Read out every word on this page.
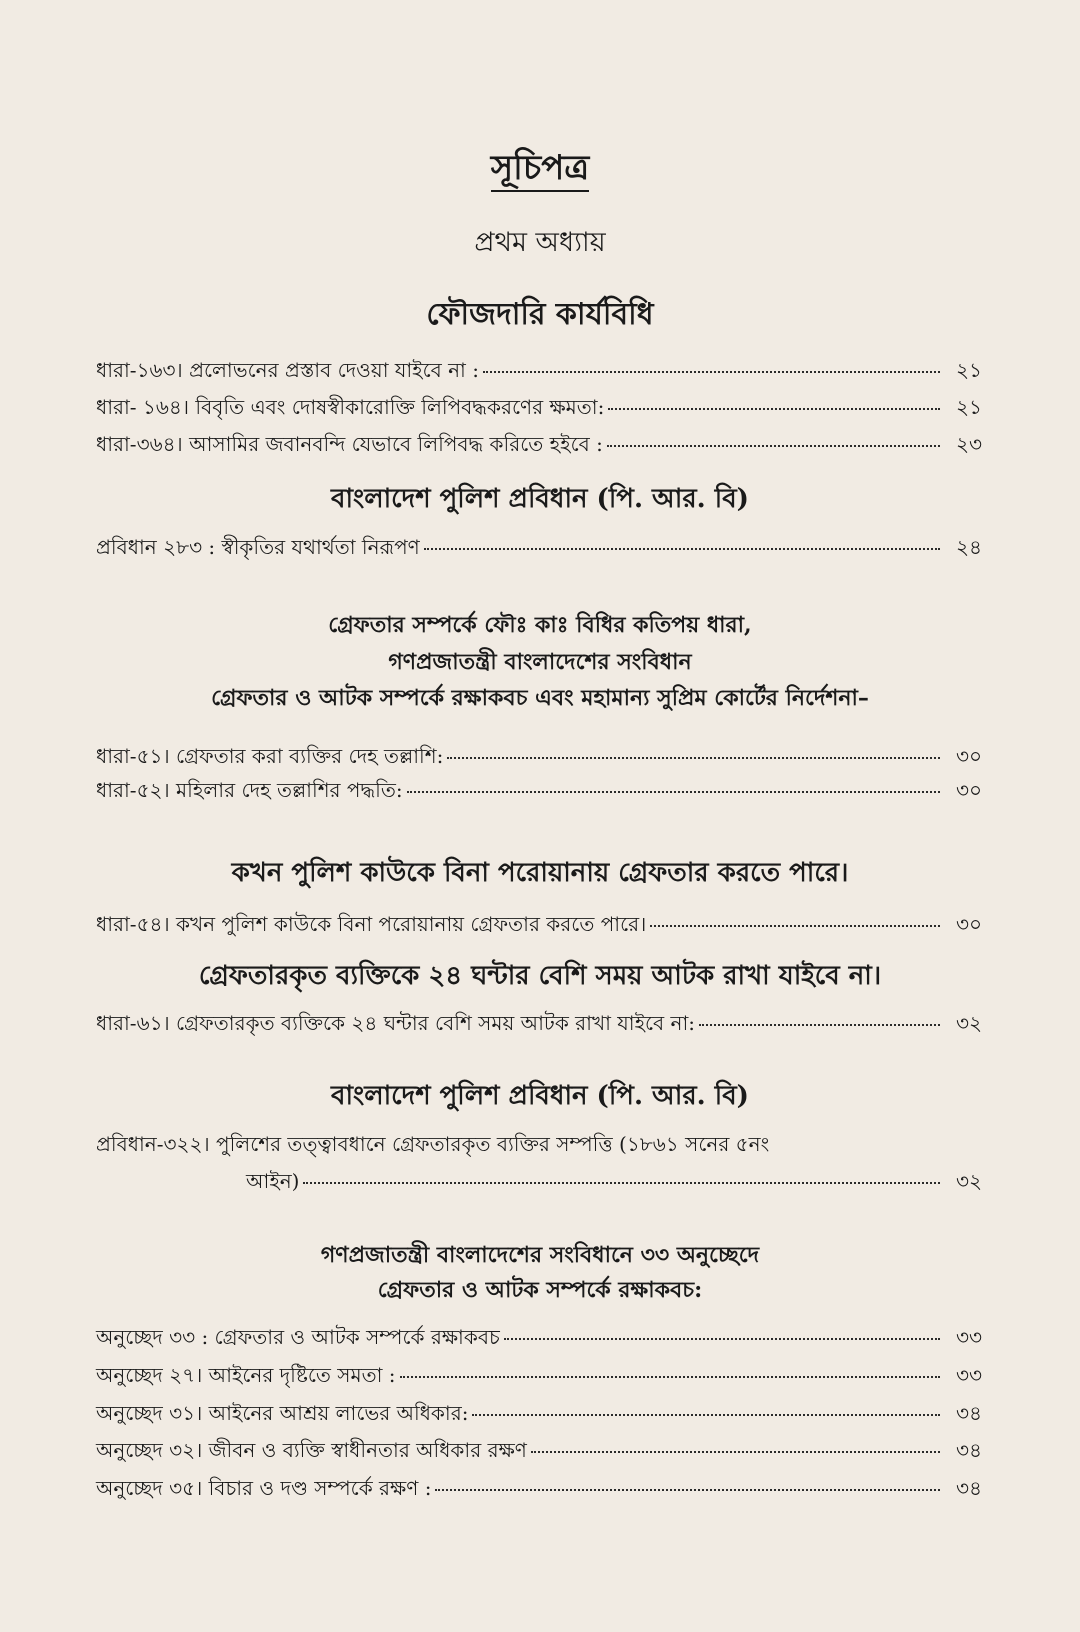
সূচিপত্র
প্রথম অধ্যায়
ফৌজদারি কার্যবিধি
ধারা-১৬৩। প্রলোভনের প্রস্তাব দেওয়া যাইবে না :	২১
ধারা- ১৬৪। বিবৃতি এবং দোষস্বীকারোক্তি লিপিবদ্ধকরণের ক্ষমতা:	২১
ধারা-৩৬৪। আসামির জবানবন্দি যেভাবে লিপিবদ্ধ করিতে হইবে :	২৩
বাংলাদেশ পুলিশ প্রবিধান (পি. আর. বি)
প্রবিধান ২৮৩ : স্বীকৃতির যথার্থতা নিরূপণ	২৪
গ্রেফতার সম্পর্কে ফৌঃ কাঃ বিধির কতিপয় ধারা,
গণপ্রজাতন্ত্রী বাংলাদেশের সংবিধান
গ্রেফতার ও আটক সম্পর্কে রক্ষাকবচ এবং মহামান্য সুপ্রিম কোর্টের নির্দেশনা–
ধারা-৫১। গ্রেফতার করা ব্যক্তির দেহ তল্লাশি:	৩০
ধারা-৫২। মহিলার দেহ তল্লাশির পদ্ধতি:	৩০
কখন পুলিশ কাউকে বিনা পরোয়ানায় গ্রেফতার করতে পারে।
ধারা-৫৪। কখন পুলিশ কাউকে বিনা পরোয়ানায় গ্রেফতার করতে পারে।	৩০
গ্রেফতারকৃত ব্যক্তিকে ২৪ ঘন্টার বেশি সময় আটক রাখা যাইবে না।
ধারা-৬১। গ্রেফতারকৃত ব্যক্তিকে ২৪ ঘন্টার বেশি সময় আটক রাখা যাইবে না:	৩২
বাংলাদেশ পুলিশ প্রবিধান (পি. আর. বি)
প্রবিধান-৩২২। পুলিশের তত্ত্বাবধানে গ্রেফতারকৃত ব্যক্তির সম্পত্তি (১৮৬১ সনের ৫নং
আইন)	৩২
গণপ্রজাতন্ত্রী বাংলাদেশের সংবিধানে ৩৩ অনুচ্ছেদে
গ্রেফতার ও আটক সম্পর্কে রক্ষাকবচ:
অনুচ্ছেদ ৩৩ : গ্রেফতার ও আটক সম্পর্কে রক্ষাকবচ	৩৩
অনুচ্ছেদ ২৭। আইনের দৃষ্টিতে সমতা :	৩৩
অনুচ্ছেদ ৩১। আইনের আশ্রয় লাভের অধিকার:	৩৪
অনুচ্ছেদ ৩২। জীবন ও ব্যক্তি স্বাধীনতার অধিকার রক্ষণ	৩৪
অনুচ্ছেদ ৩৫। বিচার ও দণ্ড সম্পর্কে রক্ষণ :	৩৪
